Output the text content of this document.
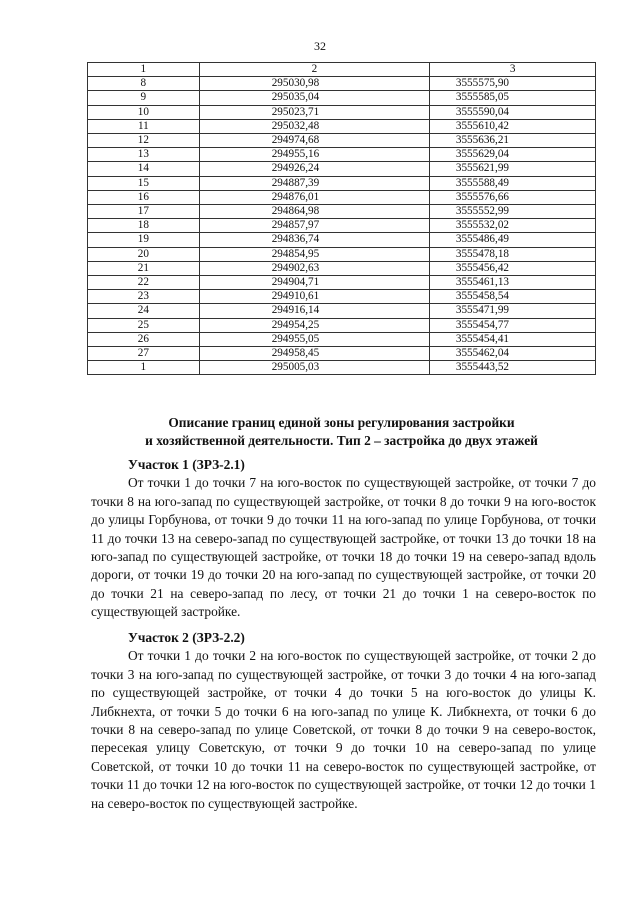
32
1	2	3
8	295030,98	3555575,90
9	295035,04	3555585,05
10	295023,71	3555590,04
11	295032,48	3555610,42
12	294974,68	3555636,21
13	294955,16	3555629,04
14	294926,24	3555621,99
15	294887,39	3555588,49
16	294876,01	3555576,66
17	294864,98	3555552,99
18	294857,97	3555532,02
19	294836,74	3555486,49
20	294854,95	3555478,18
21	294902,63	3555456,42
22	294904,71	3555461,13
23	294910,61	3555458,54
24	294916,14	3555471,99
25	294954,25	3555454,77
26	294955,05	3555454,41
27	294958,45	3555462,04
1	295005,03	3555443,52
Описание границ единой зоны регулирования застройки
и хозяйственной деятельности. Тип 2 – застройка до двух этажей
Участок 1 (ЗРЗ-2.1)
От точки 1 до точки 7 на юго-восток по существующей застройке, от точки 7 до точки 8 на юго-запад по существующей застройке, от точки 8 до точки 9 на юго-восток до улицы Горбунова, от точки 9 до точки 11 на юго-запад по улице Горбунова, от точки 11 до точки 13 на северо-запад по существующей застройке, от точки 13 до точки 18 на юго-запад по существующей застройке, от точки 18 до точки 19 на северо-запад вдоль дороги, от точки 19 до точки 20 на юго-запад по существующей застройке, от точки 20 до точки 21 на северо-запад по лесу, от точки 21 до точки 1 на северо-восток по существующей застройке.
Участок 2 (ЗРЗ-2.2)
От точки 1 до точки 2 на юго-восток по существующей застройке, от точки 2 до точки 3 на юго-запад по существующей застройке, от точки 3 до точки 4 на юго-запад по существующей застройке, от точки 4 до точки 5 на юго-восток до улицы К. Либкнехта, от точки 5 до точки 6 на юго-запад по улице К. Либкнехта, от точки 6 до точки 8 на северо-запад по улице Советской, от точки 8 до точки 9 на северо-восток, пересекая улицу Советскую, от точки 9 до точки 10 на северо-запад по улице Советской, от точки 10 до точки 11 на северо-восток по существующей застройке, от точки 11 до точки 12 на юго-восток по существующей застройке, от точки 12 до точки 1 на северо-восток по существующей застройке.
